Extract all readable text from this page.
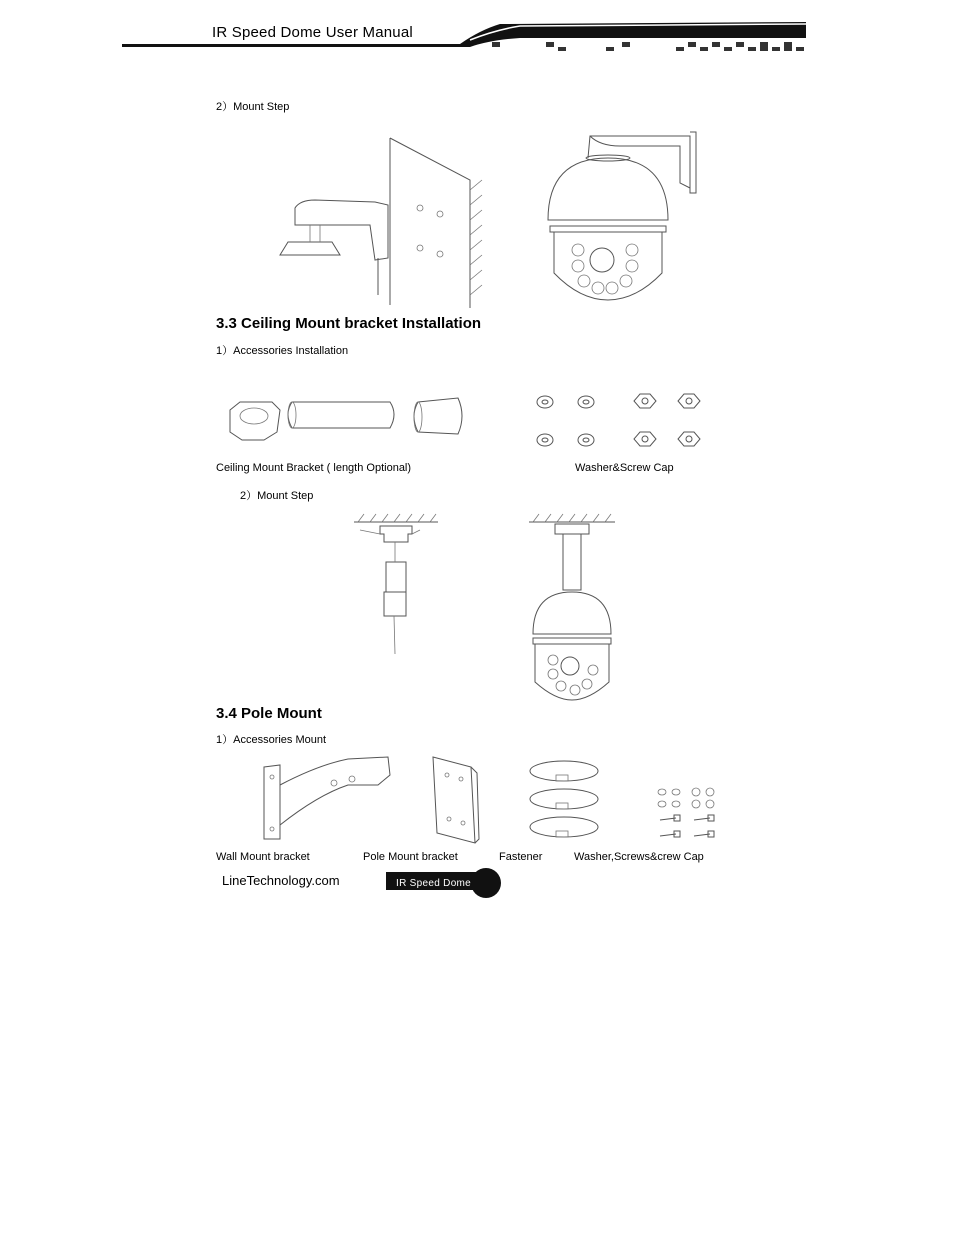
IR Speed Dome User Manual
2）Mount Step
3.3 Ceiling Mount bracket Installation
1）Accessories Installation
Ceiling Mount Bracket ( length Optional)	Washer&Screw Cap
2）Mount Step
3.4 Pole Mount
1）Accessories Mount
Wall Mount bracket	Pole Mount bracket	Fastener	Washer,Screws&crew Cap
LineTechnology.com	IR Speed Dome
